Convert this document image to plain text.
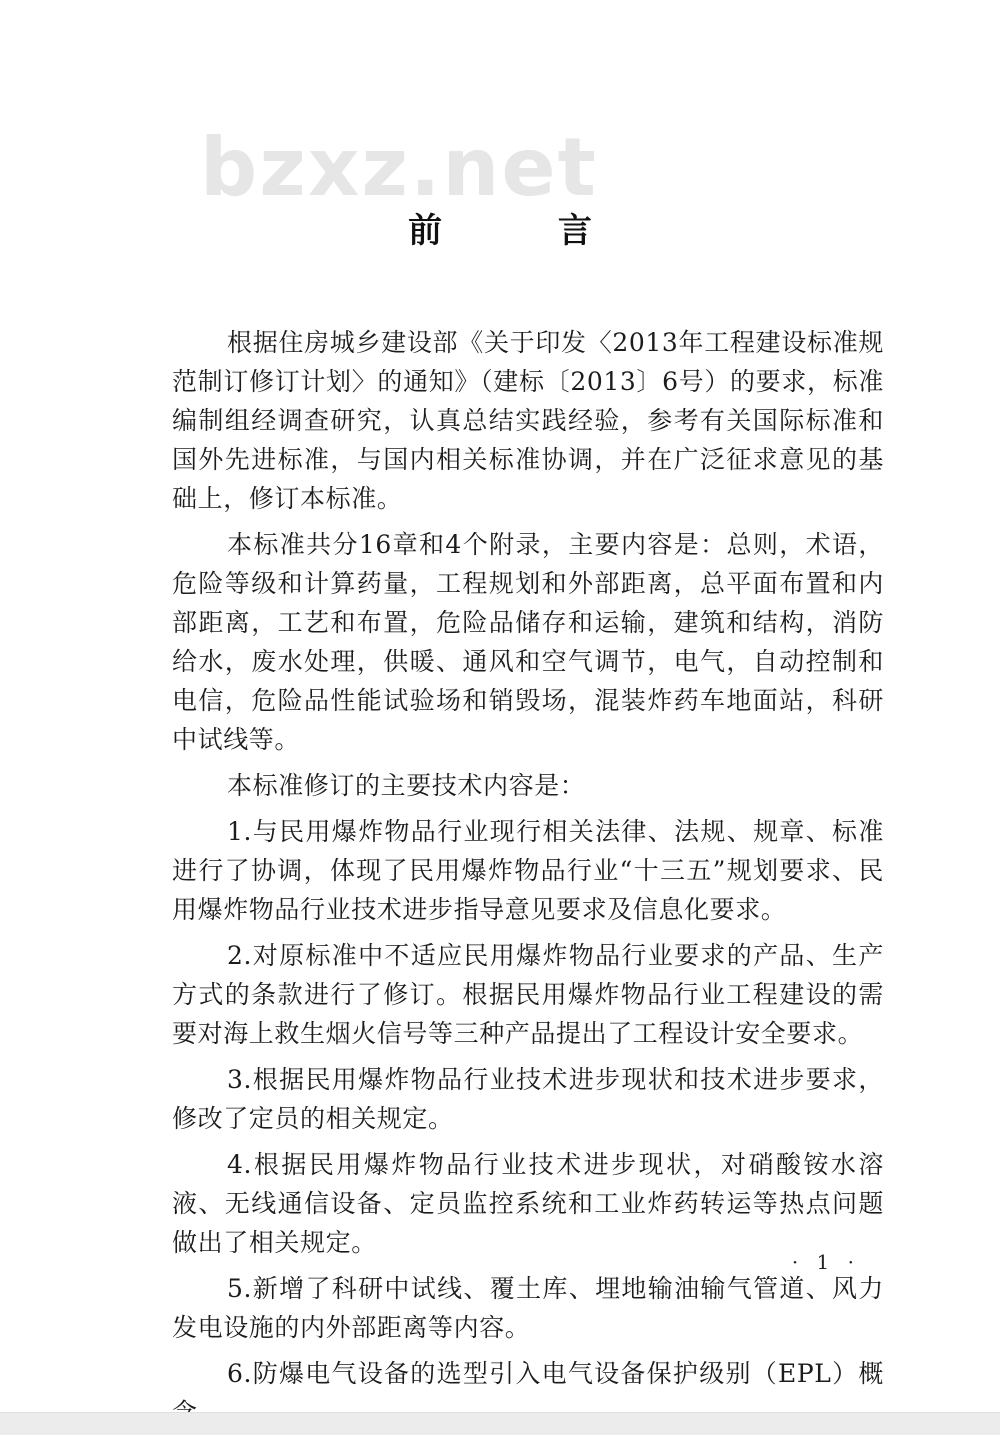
bzxz.net
前 言

根据住房城乡建设部《关于印发〈2013年工程建设标准规范制订修订计划〉的通知》（建标〔2013〕6号）的要求，标准编制组经调查研究，认真总结实践经验，参考有关国际标准和国外先进标准，与国内相关标准协调，并在广泛征求意见的基础上，修订本标准。

本标准共分16章和4个附录，主要内容是：总则，术语，危险等级和计算药量，工程规划和外部距离，总平面布置和内部距离，工艺和布置，危险品储存和运输，建筑和结构，消防给水，废水处理，供暖、通风和空气调节，电气，自动控制和电信，危险品性能试验场和销毁场，混装炸药车地面站，科研中试线等。

本标准修订的主要技术内容是：

1.与民用爆炸物品行业现行相关法律、法规、规章、标准进行了协调，体现了民用爆炸物品行业“十三五”规划要求、民用爆炸物品行业技术进步指导意见要求及信息化要求。

2.对原标准中不适应民用爆炸物品行业要求的产品、生产方式的条款进行了修订。根据民用爆炸物品行业工程建设的需要对海上救生烟火信号等三种产品提出了工程设计安全要求。

3.根据民用爆炸物品行业技术进步现状和技术进步要求，修改了定员的相关规定。

4.根据民用爆炸物品行业技术进步现状，对硝酸铵水溶液、无线通信设备、定员监控系统和工业炸药转运等热点问题做出了相关规定。

5.新增了科研中试线、覆土库、埋地输油输气管道、风力发电设施的内外部距离等内容。

6.防爆电气设备的选型引入电气设备保护级别（EPL）概

· 1 ·
